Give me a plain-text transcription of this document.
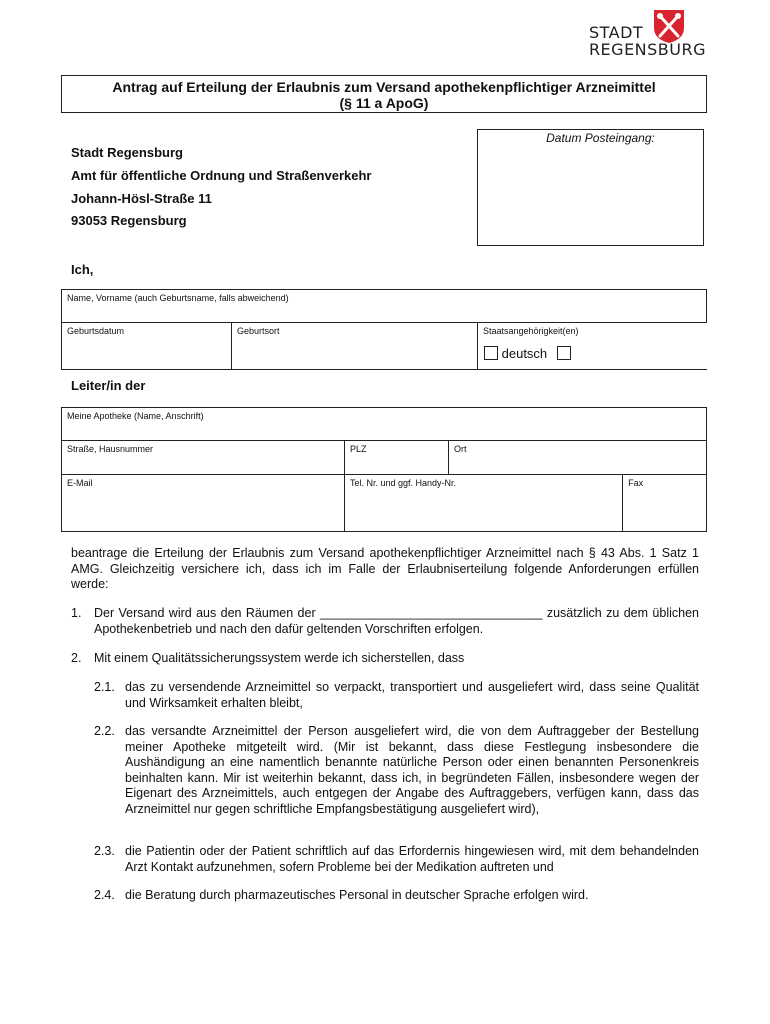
STADT
REGENSBURG
Antrag auf Erteilung der Erlaubnis zum Versand apothekenpflichtiger Arzneimittel
(§ 11 a ApoG)
Datum Posteingang:
Stadt Regensburg
Amt für öffentliche Ordnung und Straßenverkehr
Johann-Hösl-Straße 11
93053 Regensburg
Ich,
Name, Vorname (auch Geburtsname, falls abweichend)
Geburtsdatum	Geburtsort	Staatsangehörigkeit(en)
deutsch
Leiter/in der
Meine Apotheke (Name, Anschrift)			
Straße, Hausnummer	PLZ	Ort	
E-Mail	Tel. Nr. und ggf. Handy-Nr.		Fax
beantrage die Erteilung der Erlaubnis zum Versand apothekenpflichtiger Arzneimittel nach § 43 Abs. 1 Satz 1 AMG. Gleichzeitig versichere ich, dass ich im Falle der Erlaubniserteilung folgende Anforderungen erfüllen werde:
1.	Der Versand wird aus den Räumen der ________________________________ zusätzlich zu dem üblichen Apothekenbetrieb und nach den dafür geltenden Vorschriften erfolgen.
2.	Mit einem Qualitätssicherungssystem werde ich sicherstellen, dass
2.1. das zu versendende Arzneimittel so verpackt, transportiert und ausgeliefert wird, dass seine Qualität und Wirksamkeit erhalten bleibt,
2.2. das versandte Arzneimittel der Person ausgeliefert wird, die von dem Auftraggeber der Bestellung meiner Apotheke mitgeteilt wird. (Mir ist bekannt, dass diese Festlegung insbesondere die Aushändigung an eine namentlich benannte natürliche Person oder einen benannten Personenkreis beinhalten kann. Mir ist weiterhin bekannt, dass ich, in begründeten Fällen, insbesondere wegen der Eigenart des Arzneimittels, auch entgegen der Angabe des Auftraggebers, verfügen kann, dass das Arzneimittel nur gegen schriftliche Empfangsbestätigung ausgeliefert wird),
2.3. die Patientin oder der Patient schriftlich auf das Erfordernis hingewiesen wird, mit dem behandelnden Arzt Kontakt aufzunehmen, sofern Probleme bei der Medikation auftreten und
2.4. die Beratung durch pharmazeutisches Personal in deutscher Sprache erfolgen wird.
